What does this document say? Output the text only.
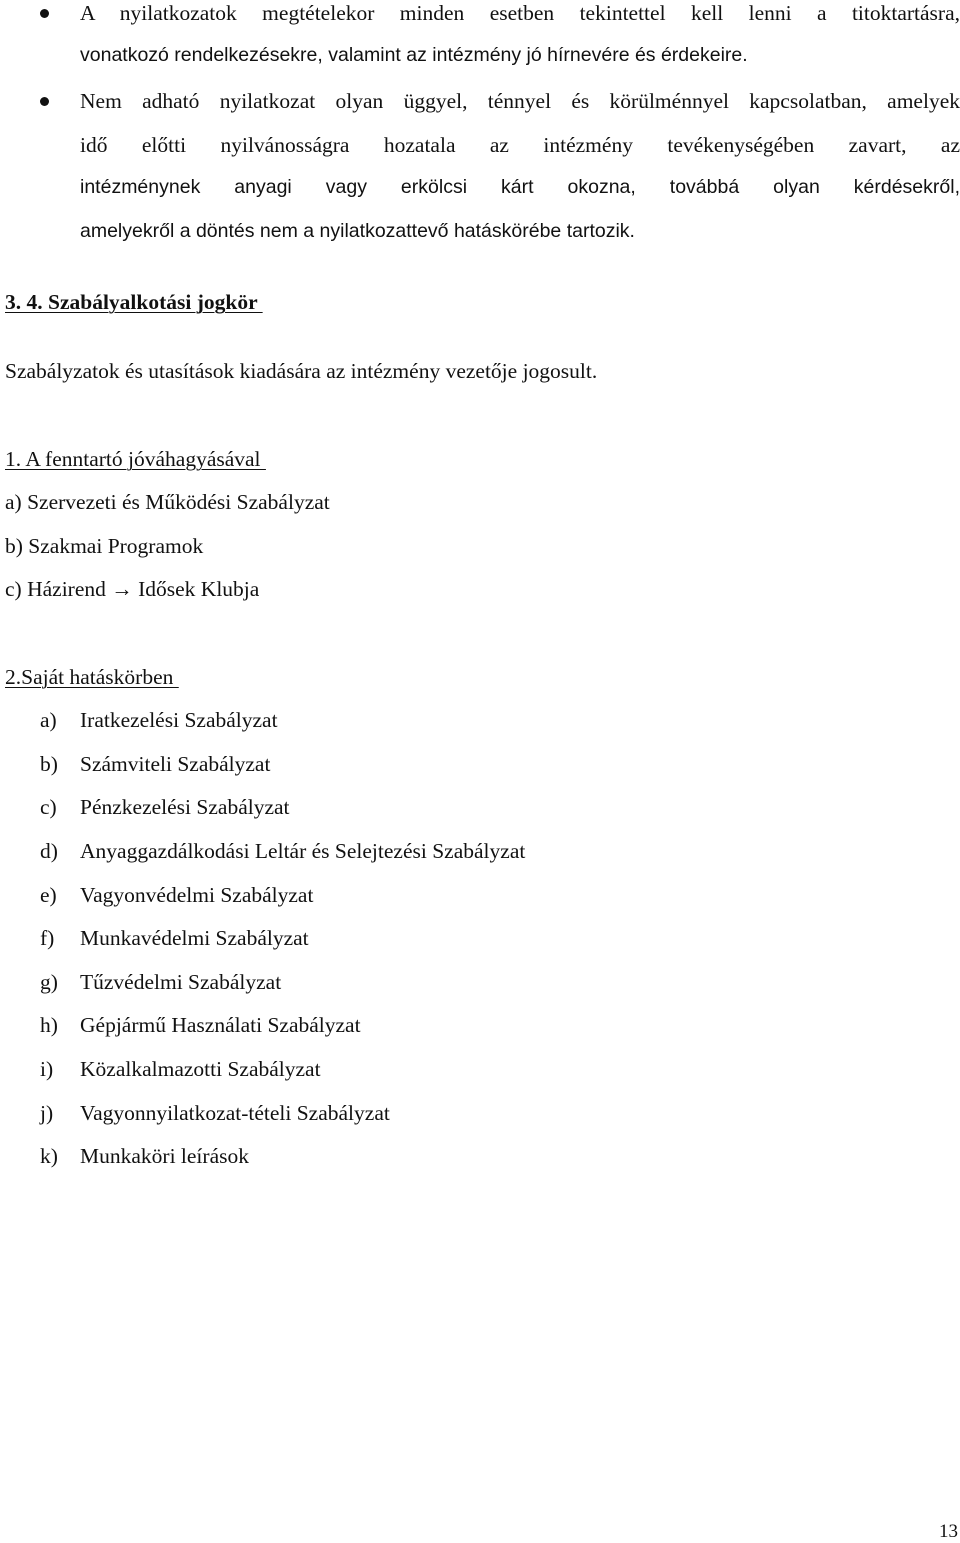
A nyilatkozatok megtételekor minden esetben tekintettel kell lenni a titoktartásra,
vonatkozó rendelkezésekre, valamint az intézmény jó hírnevére és érdekeire.
Nem adható nyilatkozat olyan üggyel, ténnyel és körülménnyel kapcsolatban, amelyek
idő előtti nyilvánosságra hozatala az intézmény tevékenységében zavart, az
intézménynek anyagi vagy erkölcsi kárt okozna, továbbá olyan kérdésekről,
amelyekről a döntés nem a nyilatkozattevő hatáskörébe tartozik.
3. 4. Szabályalkotási jogkör
Szabályzatok és utasítások kiadására az intézmény vezetője jogosult.
1. A fenntartó jóváhagyásával
a) Szervezeti és Működési Szabályzat
b) Szakmai Programok
c) Házirend → Idősek Klubja
2.Saját hatáskörben
a) Iratkezelési Szabályzat
b) Számviteli Szabályzat
c) Pénzkezelési Szabályzat
d) Anyaggazdálkodási Leltár és Selejtezési Szabályzat
e) Vagyonvédelmi Szabályzat
f) Munkavédelmi Szabályzat
g) Tűzvédelmi Szabályzat
h) Gépjármű Használati Szabályzat
i) Közalkalmazotti Szabályzat
j) Vagyonnyilatkozat-tételi Szabályzat
k) Munkaköri leírások
13
